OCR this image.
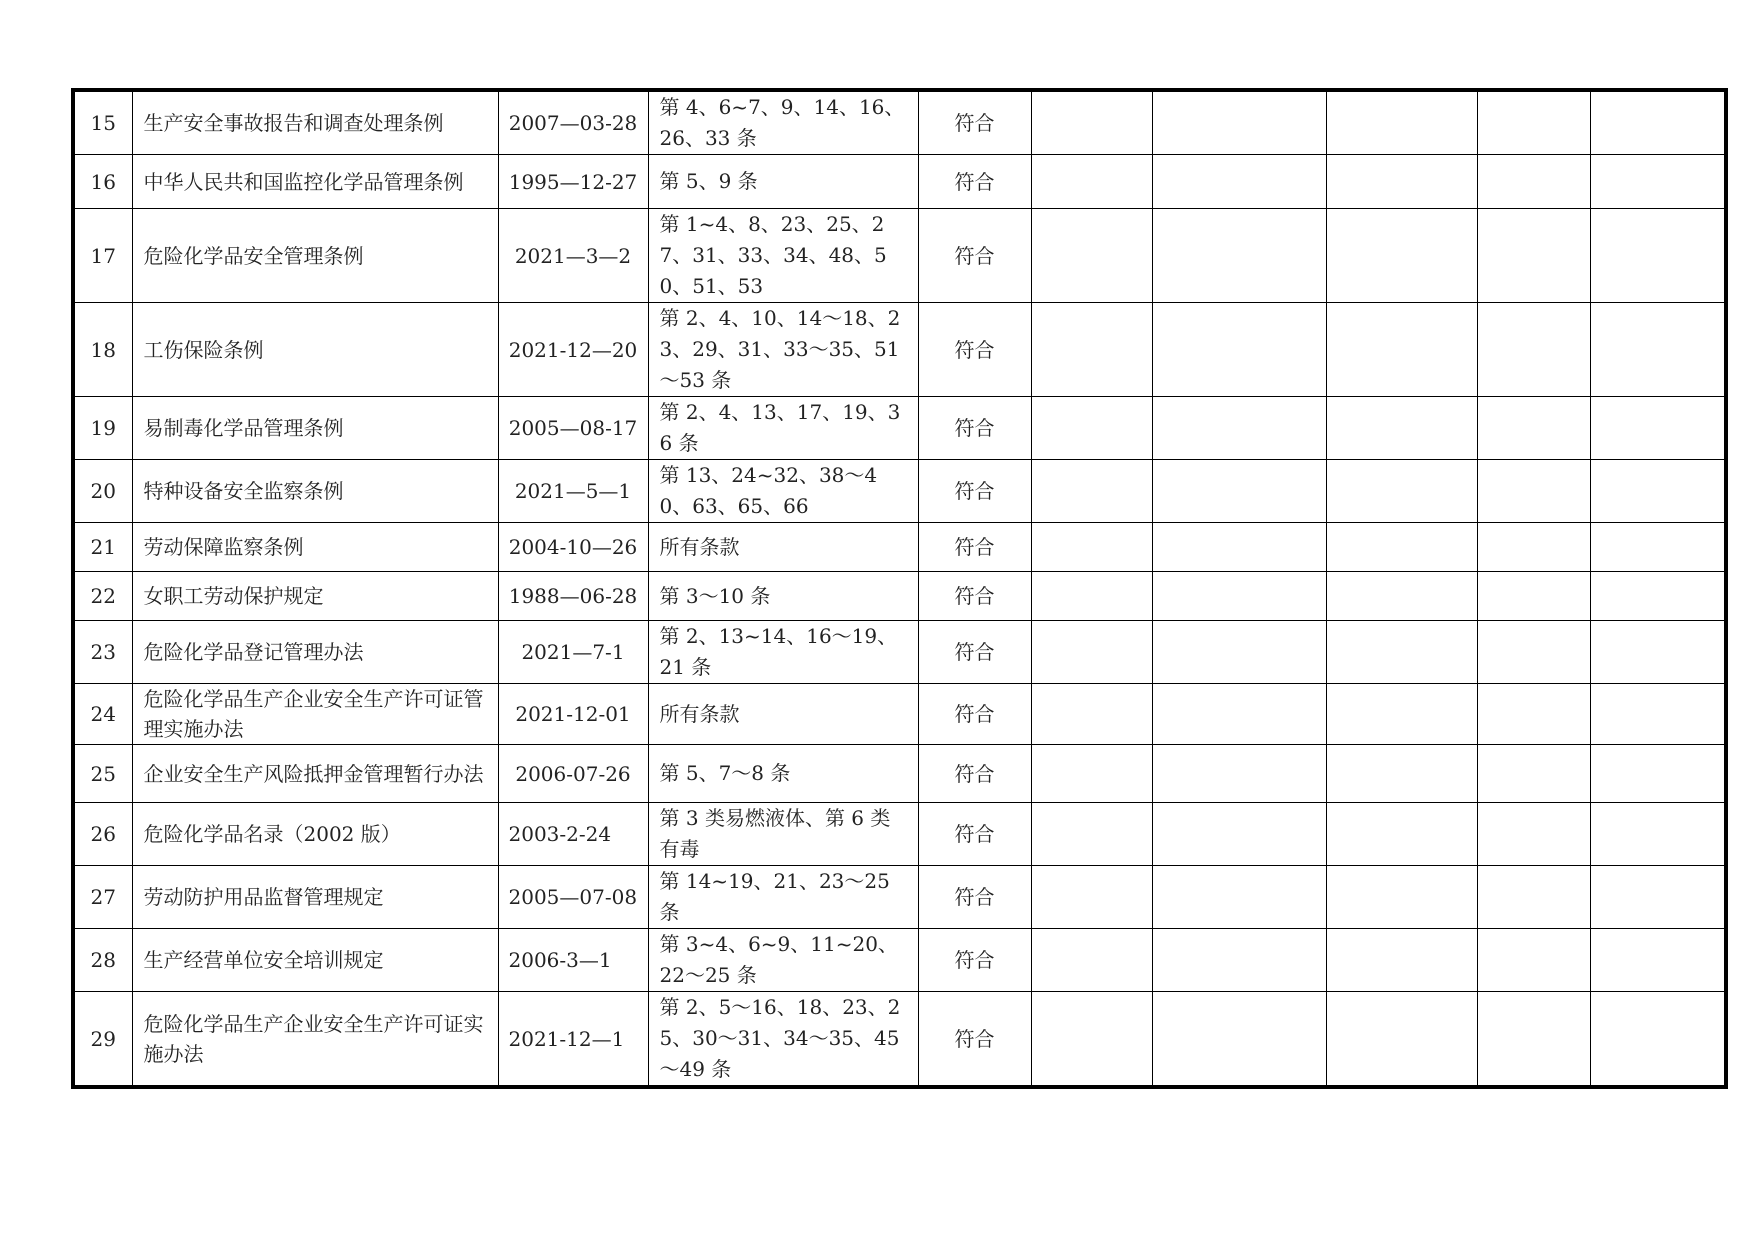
15	生产安全事故报告和调查处理条例	2007—03-28	第 4、6~7、9、14、16、26、33 条	符合					
16	中华人民共和国监控化学品管理条例	1995—12-27	第 5、9 条	符合					
17	危险化学品安全管理条例	2021—3—2	第 1~4、8、23、25、27、31、33、34、48、50、51、53	符合					
18	工伤保险条例	2021-12—20	第 2、4、10、14～18、23、29、31、33～35、51～53 条	符合					
19	易制毒化学品管理条例	2005—08-17	第 2、4、13、17、19、36 条	符合					
20	特种设备安全监察条例	2021—5—1	第 13、24~32、38～40、63、65、66	符合					
21	劳动保障监察条例	2004-10—26	所有条款	符合					
22	女职工劳动保护规定	1988—06-28	第 3～10 条	符合					
23	危险化学品登记管理办法	2021—7-1	第 2、13~14、16～19、21 条	符合					
24	危险化学品生产企业安全生产许可证管理实施办法	2021-12-01	所有条款	符合					
25	企业安全生产风险抵押金管理暂行办法	2006-07-26	第 5、7～8 条	符合					
26	危险化学品名录（2002 版）	2003-2-24	第 3 类易燃液体、第 6 类有毒	符合					
27	劳动防护用品监督管理规定	2005—07-08	第 14~19、21、23～25 条	符合					
28	生产经营单位安全培训规定	2006-3—1	第 3~4、6~9、11~20、22～25 条	符合					
29	危险化学品生产企业安全生产许可证实施办法	2021-12—1	第 2、5～16、18、23、25、30～31、34～35、45～49 条	符合					
